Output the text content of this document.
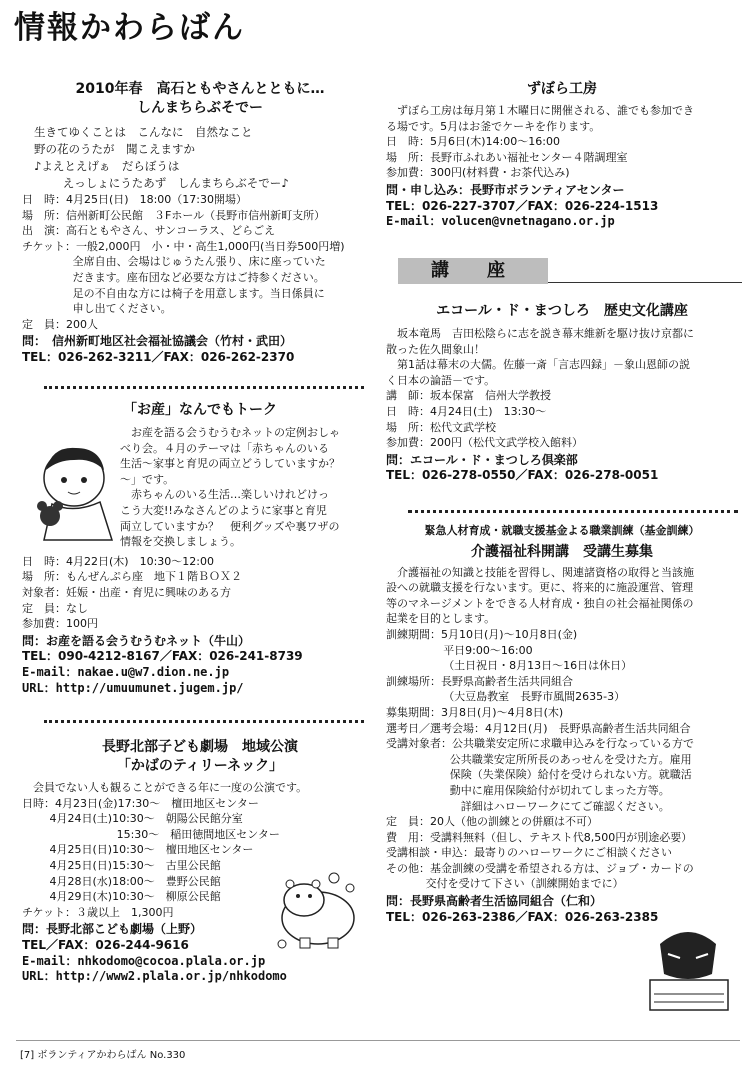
情報かわらばん
2010年春　高石ともやさんとともに…
しんまちらぶそでー
生きてゆくことは　こんなに　自然なこと
野の花のうたが　聞こえますか
♪よえとえげぁ　だらぼうは
えっしょにうたあず　しんまちらぶそでー♪
日　時：4月25日(日)　18:00（17:30開場）
場　所：信州新町公民館　３Fホール（長野市信州新町支所）
出　演：高石ともやさん、サンコーラス、どらごえ
チケット：一般2,000円　小・中・高生1,000円(当日券500円増)
全席自由、会場はじゅうたん張り、床に座っていた
だきます。座布団など必要な方はご持参ください。
足の不自由な方には椅子を用意します。当日係員に
申し出てください。
定　員：200人
問：　信州新町地区社会福祉協議会（竹村・武田）
TEL：026-262-3211／FAX：026-262-2370
「お産」なんでもトーク
お産を語る会うむうむネットの定例おしゃ
べり会。４月のテーマは「赤ちゃんのいる
生活～家事と育児の両立どうしていますか？
～」です。
赤ちゃんのいる生活…楽しいけれどけっ
こう大変!!みなさんどのように家事と育児
両立していますか？　便利グッズや裏ワザの
情報を交換しましょう。
日　時：4月22日(木)　10:30～12:00
場　所：もんぜんぷら座　地下１階ＢＯＸ２
対象者：妊娠・出産・育児に興味のある方
定　員：なし
参加費：100円
問：お産を語る会うむうむネット（牛山）
TEL：090-4212-8167／FAX：026-241-8739
E-mail：nakae.u@w7.dion.ne.jp
URL：http://umuumunet.jugem.jp/
長野北部子ども劇場　地域公演
「かばのティリーネック」
会員でない人も観ることができる年に一度の公演です。
日時：4月23日(金)17:30～　檀田地区センター
4月24日(土)10:30～　朝陽公民館分室
15:30～　稲田徳間地区センター
4月25日(日)10:30～　檀田地区センター
4月25日(日)15:30～　古里公民館
4月28日(水)18:00～　豊野公民館
4月29日(木)10:30～　柳原公民館
チケット：３歳以上　1,300円
問：長野北部こども劇場（上野）
TEL／FAX：026-244-9616
E-mail：nhkodomo@cocoa.plala.or.jp
URL：http://www2.plala.or.jp/nhkodomo
ずぼら工房
ずぼら工房は毎月第１木曜日に開催される、誰でも参加でき
る場です。5月はお釜でケーキを作ります。
日　時：5月6日(木)14:00～16:00
場　所：長野市ふれあい福祉センター４階調理室
参加費：300円(材料費・お茶代込み)
問・申し込み：長野市ボランティアセンター
TEL：026-227-3707／FAX：026-224-1513
E-mail：volucen@vnetnagano.or.jp
講　座
エコール・ド・まつしろ　歴史文化講座
坂本竜馬　吉田松陰らに志を説き幕末維新を駆け抜け京都に
散った佐久間象山！
第1話は幕末の大儒。佐藤一斎「言志四録」－象山恩師の説
く日本の論語－です。
講　師：坂本保富　信州大学教授
日　時：4月24日(土)　13:30～
場　所：松代文武学校
参加費：200円（松代文武学校入館料）
問：エコール・ド・まつしろ倶楽部
TEL：026-278-0550／FAX：026-278-0051
緊急人材育成・就職支援基金よる職業訓練（基金訓練）
介護福祉科開講　受講生募集
介護福祉の知識と技能を習得し、関連諸資格の取得と当該施
設への就職支援を行ないます。更に、将来的に施設運営、管理
等のマネージメントをできる人材育成・独自の社会福祉関係の
起業を目的とします。
訓練期間：5月10日(月)～10月8日(金)
平日9:00～16:00
（土日祝日・8月13日～16日は休日）
訓練場所：長野県高齢者生活共同組合
（大豆島教室　長野市風間2635-3）
募集期間：3月8日(月)～4月8日(木)
選考日／選考会場：4月12日(月)　長野県高齢者生活共同組合
受講対象者：公共職業安定所に求職申込みを行なっている方で
公共職業安定所所長のあっせんを受けた方。雇用
保険（失業保険）給付を受けられない方。就職活
動中に雇用保険給付が切れてしまった方等。
詳細はハローワークにてご確認ください。
定　員：20人（他の訓練との併願は不可）
費　用：受講料無料（但し、テキスト代8,500円が別途必要）
受講相談・申込：最寄りのハローワークにご相談ください
その他：基金訓練の受講を希望される方は、ジョブ・カードの
交付を受けて下さい（訓練開始までに）
問：長野県高齢者生活協同組合（仁和）
TEL：026-263-2386／FAX：026-263-2385
[7] ボランティアかわらばん No.330
